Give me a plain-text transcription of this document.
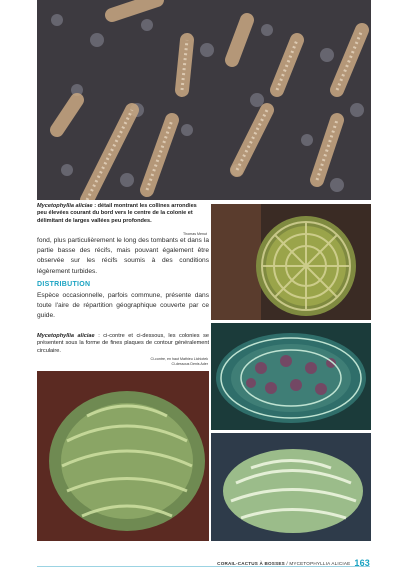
Mycetophyllia aliciae : détail montrant les collines arrondies peu élevées courant du bord vers le centre de la colonie et délimitant de larges vallées peu profondes.
Thomas Menut
fond, plus particulièrement le long des tombants et dans la partie basse des récifs, mais pouvant également être observée sur les récifs soumis à des conditions légèrement turbides.
DISTRIBUTION
Espèce occasionnelle, parfois commune, présente dans toute l'aire de répartition géographique couverte par ce guide.
Mycetophyllia aliciae : ci-contre et ci-dessous, les colonies se présentent sous la forme de fines plaques de contour généralement circulaire.
Ci-contre, en haut Mathieu Lichiotek
Ci-dessous Denis Ader
CORAIL-CACTUS À BOSSES / MYCETOPHYLLIA ALICIAE 163
